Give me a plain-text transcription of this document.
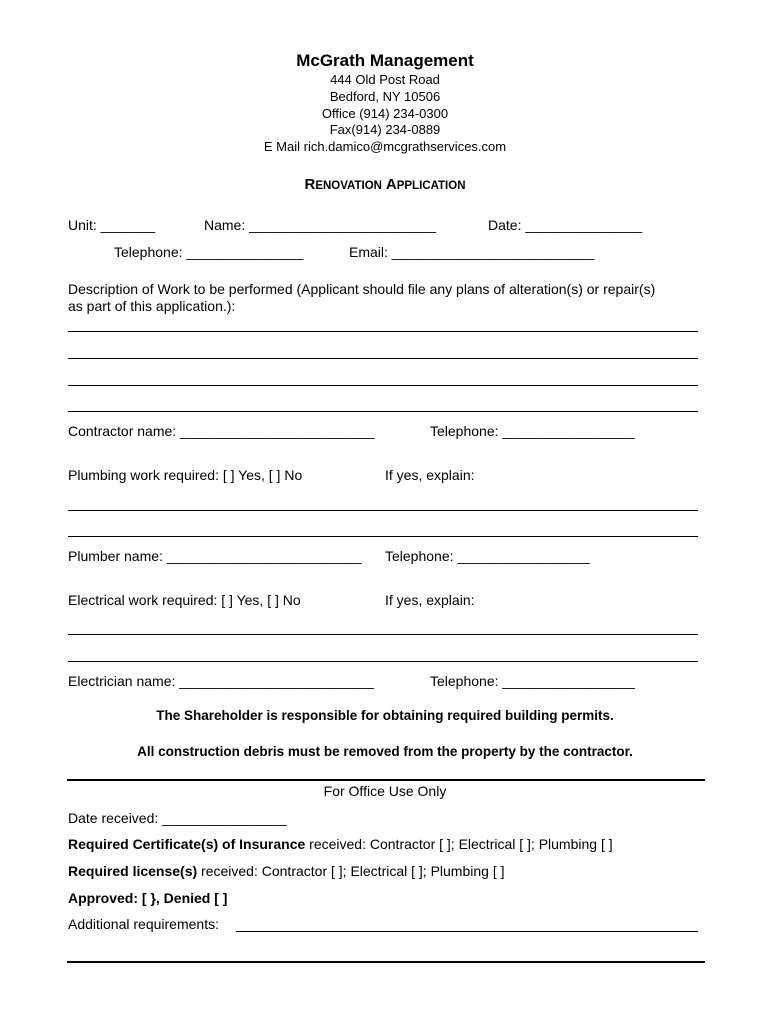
McGrath Management
444 Old Post Road
Bedford, NY 10506
Office (914) 234-0300
Fax(914) 234-0889
E Mail rich.damico@mcgrathservices.com
RENOVATION APPLICATION
Unit: _______	Name: ________________________	Date: _______________
Telephone: _______________	Email: __________________________
Description of Work to be performed (Applicant should file any plans of alteration(s) or repair(s)
as part of this application.):
Contractor name: _________________________	Telephone: _________________
Plumbing work required: [ ] Yes, [ ] No	If yes, explain:
Plumber name: _________________________ Telephone: _________________
Electrical work required: [ ] Yes, [ ] No	If yes, explain:
Electrician name: _________________________	Telephone: _________________
The Shareholder is responsible for obtaining required building permits.
All construction debris must be removed from the property by the contractor.
For Office Use Only
Date received: ________________
Required Certificate(s) of Insurance received: Contractor [ ]; Electrical [ ]; Plumbing [ ]
Required license(s) received: Contractor [ ]; Electrical [ ]; Plumbing [ ]
Approved: [ }, Denied [ ]
Additional requirements:
